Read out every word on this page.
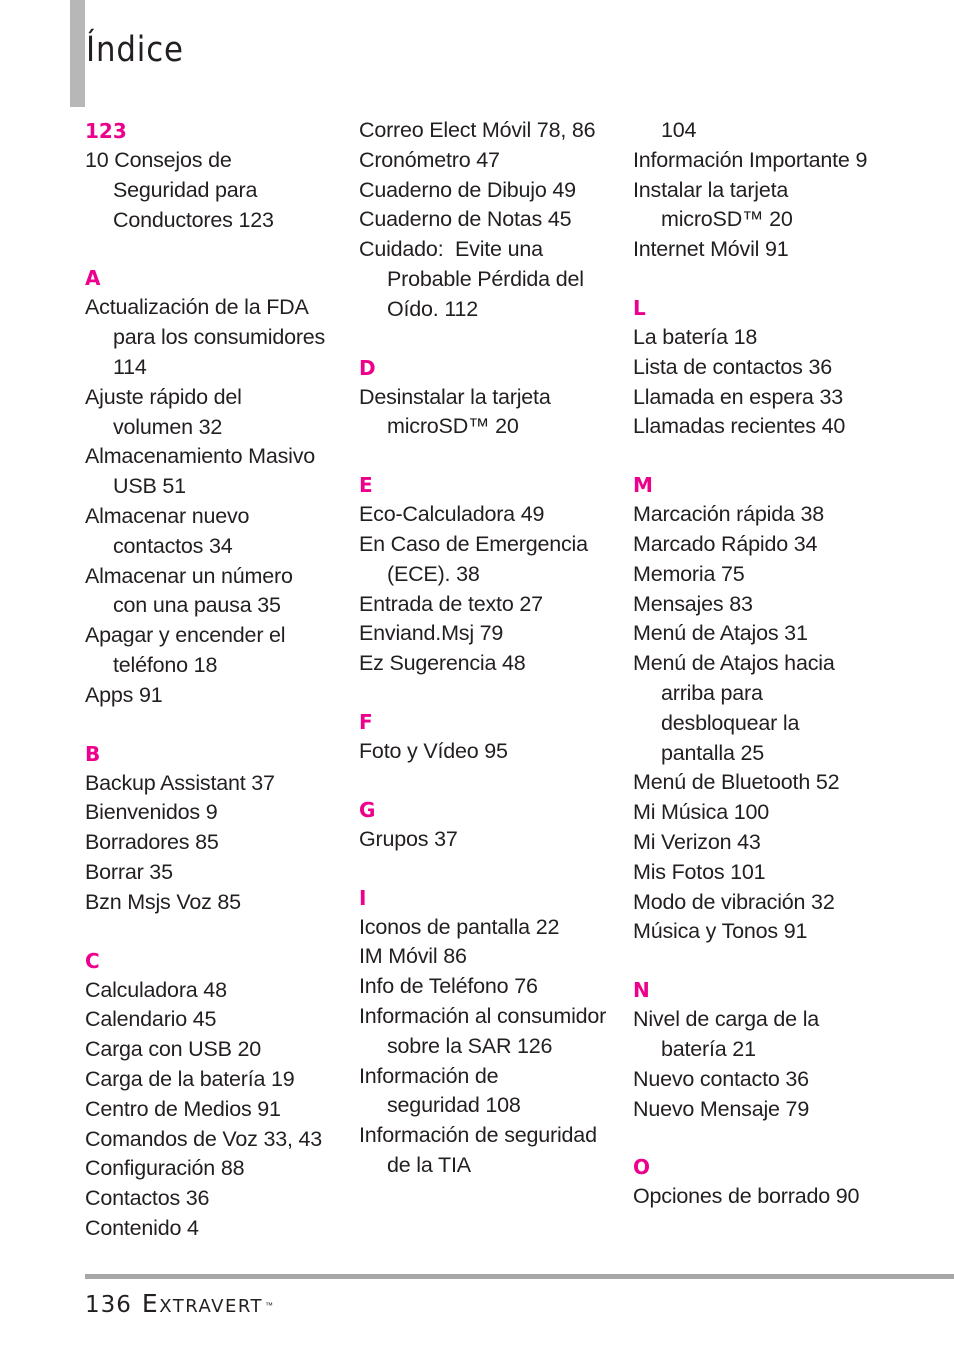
Índice
123
10 Consejos de Seguridad para Conductores 123
A
Actualización de la FDA para los consumidores 114
Ajuste rápido del volumen 32
Almacenamiento Masivo USB 51
Almacenar nuevo contactos 34
Almacenar un número con una pausa 35
Apagar y encender el teléfono 18
Apps 91
B
Backup Assistant 37
Bienvenidos 9
Borradores 85
Borrar 35
Bzn Msjs Voz 85
C
Calculadora 48
Calendario 45
Carga con USB 20
Carga de la batería 19
Centro de Medios 91
Comandos de Voz 33, 43
Configuración 88
Contactos 36
Contenido 4
Correo Elect Móvil 78, 86
Cronómetro 47
Cuaderno de Dibujo 49
Cuaderno de Notas 45
Cuidado:  Evite una Probable Pérdida del Oído. 112
D
Desinstalar la tarjeta microSD™ 20
E
Eco-Calculadora 49
En Caso de Emergencia (ECE). 38
Entrada de texto 27
Enviand.Msj 79
Ez Sugerencia 48
F
Foto y Vídeo 95
G
Grupos 37
I
Iconos de pantalla 22
IM Móvil 86
Info de Teléfono 76
Información al consumidor sobre la SAR 126
Información de seguridad 108
Información de seguridad de la TIA
104
Información Importante 9
Instalar la tarjeta microSD™ 20
Internet Móvil 91
L
La batería 18
Lista de contactos 36
Llamada en espera 33
Llamadas recientes 40
M
Marcación rápida 38
Marcado Rápido 34
Memoria 75
Mensajes 83
Menú de Atajos 31
Menú de Atajos hacia arriba para desbloquear la pantalla 25
Menú de Bluetooth 52
Mi Música 100
Mi Verizon 43
Mis Fotos 101
Modo de vibración 32
Música y Tonos 91
N
Nivel de carga de la batería 21
Nuevo contacto 36
Nuevo Mensaje 79
O
Opciones de borrado 90
136 Extravert ™
